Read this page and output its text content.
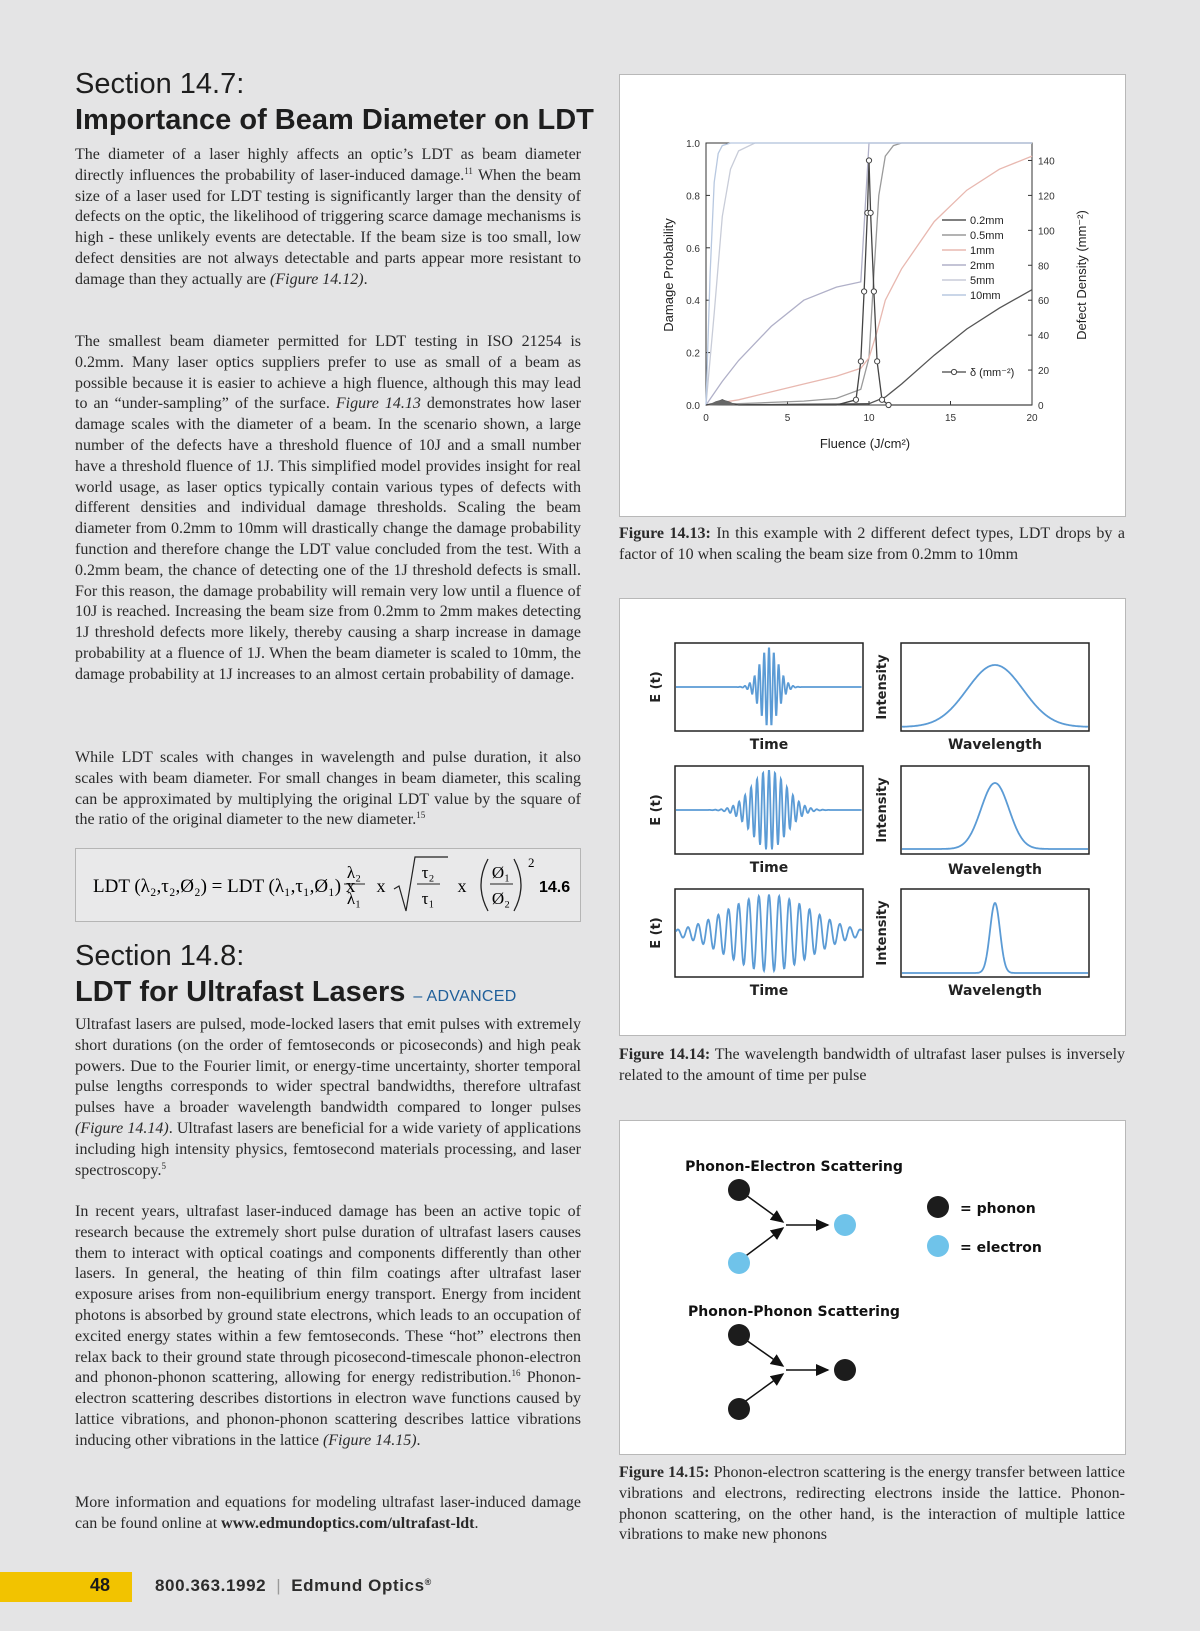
Section 14.7:
Importance of Beam Diameter on LDT

The diameter of a laser highly affects an optic’s LDT as beam diameter directly influences the probability of laser-induced damage.$^{11}$ When the beam size of a laser used for LDT testing is significantly larger than the density of defects on the optic, the likelihood of triggering scarce damage mechanisms is high - these unlikely events are detectable. If the beam size is too small, low defect densities are not always detectable and parts appear more resistant to damage than they actually are (Figure 14.12).

The smallest beam diameter permitted for LDT testing in ISO 21254 is 0.2mm. Many laser optics suppliers prefer to use as small of a beam as possible because it is easier to achieve a high fluence, although this may lead to an “under-sampling” of the surface. Figure 14.13 demonstrates how laser damage scales with the diameter of a beam. In the scenario shown, a large number of the defects have a threshold fluence of 10J and a small number have a threshold fluence of 1J. This simplified model provides insight for real world usage, as laser optics typically contain various types of defects with different densities and individual damage thresholds. Scaling the beam diameter from 0.2mm to 10mm will drastically change the damage probability function and therefore change the LDT value concluded from the test. With a 0.2mm beam, the chance of detecting one of the 1J threshold defects is small. For this reason, the damage probability will remain very low until a fluence of 10J is reached. Increasing the beam size from 0.2mm to 2mm makes detecting 1J threshold defects more likely, thereby causing a sharp increase in damage probability at a fluence of 1J. When the beam diameter is scaled to 10mm, the damage probability at 1J increases to an almost certain probability of damage.

While LDT scales with changes in wavelength and pulse duration, it also scales with beam diameter. For small changes in beam diameter, this scaling can be approximated by multiplying the original LDT value by the square of the ratio of the original diameter to the new diameter.$^{15}$

LDT (λ₂,τ₂,Ø₂) = LDT (λ₁,τ₁,Ø₁) x
λ₂
λ₁
x
τ₂
τ₁
x
Ø₁
Ø₂
2
14.6
Section 14.8:
LDT for Ultrafast Lasers – ADVANCED

Ultrafast lasers are pulsed, mode-locked lasers that emit pulses with extremely short durations (on the order of femtoseconds or picoseconds) and high peak powers. Due to the Fourier limit, or energy-time uncertainty, shorter temporal pulse lengths corresponds to wider spectral bandwidths, therefore ultrafast pulses have a broader wavelength bandwidth compared to longer pulses (Figure 14.14). Ultrafast lasers are beneficial for a wide variety of applications including high intensity physics, femtosecond materials processing, and laser spectroscopy.$^5$

In recent years, ultrafast laser-induced damage has been an active topic of research because the extremely short pulse duration of ultrafast lasers causes them to interact with optical coatings and components differently than other lasers. In general, the heating of thin film coatings after ultrafast laser exposure arises from non-equilibrium energy transport. Energy from incident photons is absorbed by ground state electrons, which leads to an occupation of excited energy states within a few femtoseconds. These “hot” electrons then relax back to their ground state through picosecond-timescale phonon-electron and phonon-phonon scattering, allowing for energy redistribution.$^{16}$ Phonon-electron scattering describes distortions in electron wave functions caused by lattice vibrations, and phonon-phonon scattering describes lattice vibrations inducing other vibrations in the lattice (Figure 14.15).

More information and equations for modeling ultrafast laser-induced damage can be found online at www.edmundoptics.com/ultrafast-ldt.

0	5	10	15	20
0.0
0.2
0.4
0.6
0.8
1.0
0
20
40
60
80
100
120
140
Fluence (J/cm²)
Damage Probability	Defect Density (mm⁻²)
0.2mm
0.5mm
1mm
2mm
5mm
10mm
δ (mm⁻²)

Figure 14.13: In this example with 2 different defect types, LDT drops by a factor of 10 when scaling the beam size from 0.2mm to 10mm

Time	Wavelength
E (t)	Intensity
Time	Wavelength
E (t)	Intensity
Time	Wavelength
E (t)	Intensity

Figure 14.14: The wavelength bandwidth of ultrafast laser pulses is inversely related to the amount of time per pulse

Phonon-Electron Scattering
= phonon
= electron
Phonon-Phonon Scattering

Figure 14.15: Phonon-electron scattering is the energy transfer between lattice vibrations and electrons, redirecting electrons inside the lattice. Phonon-phonon scattering, on the other hand, is the interaction of multiple lattice vibrations to make new phonons

48	800.363.1992 | Edmund Optics®
